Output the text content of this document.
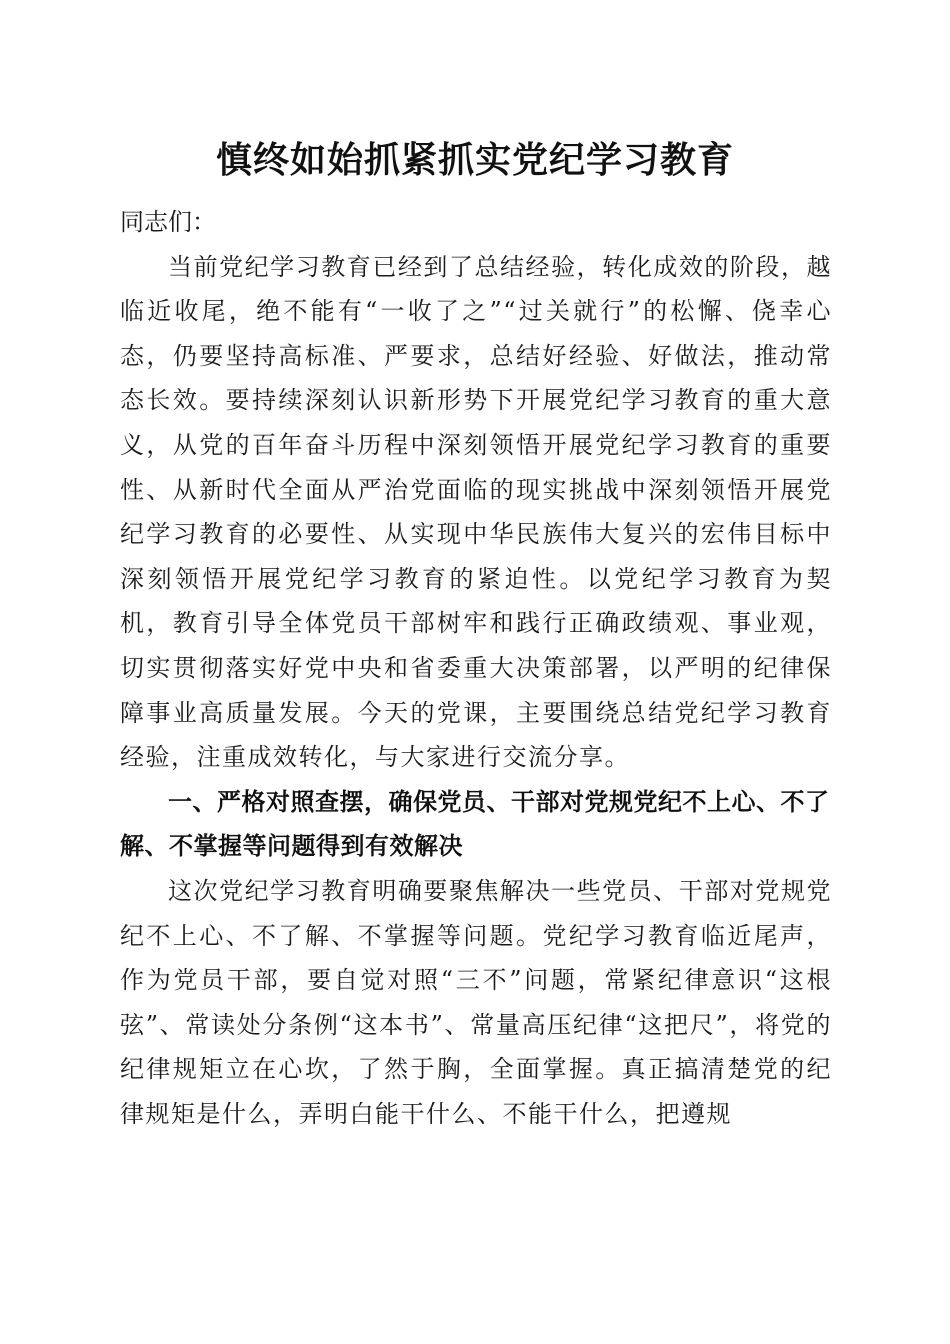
慎终如始抓紧抓实党纪学习教育

同志们：

当前党纪学习教育已经到了总结经验，转化成效的阶段，越临近收尾，绝不能有“一收了之”“过关就行”的松懈、侥幸心态，仍要坚持高标准、严要求，总结好经验、好做法，推动常态长效。要持续深刻认识新形势下开展党纪学习教育的重大意义，从党的百年奋斗历程中深刻领悟开展党纪学习教育的重要性、从新时代全面从严治党面临的现实挑战中深刻领悟开展党纪学习教育的必要性、从实现中华民族伟大复兴的宏伟目标中深刻领悟开展党纪学习教育的紧迫性。以党纪学习教育为契机，教育引导全体党员干部树牢和践行正确政绩观、事业观，切实贯彻落实好党中央和省委重大决策部署，以严明的纪律保障事业高质量发展。今天的党课，主要围绕总结党纪学习教育经验，注重成效转化，与大家进行交流分享。

一、严格对照查摆，确保党员、干部对党规党纪不上心、不了解、不掌握等问题得到有效解决

这次党纪学习教育明确要聚焦解决一些党员、干部对党规党纪不上心、不了解、不掌握等问题。党纪学习教育临近尾声，作为党员干部，要自觉对照“三不”问题，常紧纪律意识“这根弦”、常读处分条例“这本书”、常量高压纪律“这把尺”，将党的纪律规矩立在心坎，了然于胸，全面掌握。真正搞清楚党的纪律规矩是什么，弄明白能干什么、不能干什么，把遵规
